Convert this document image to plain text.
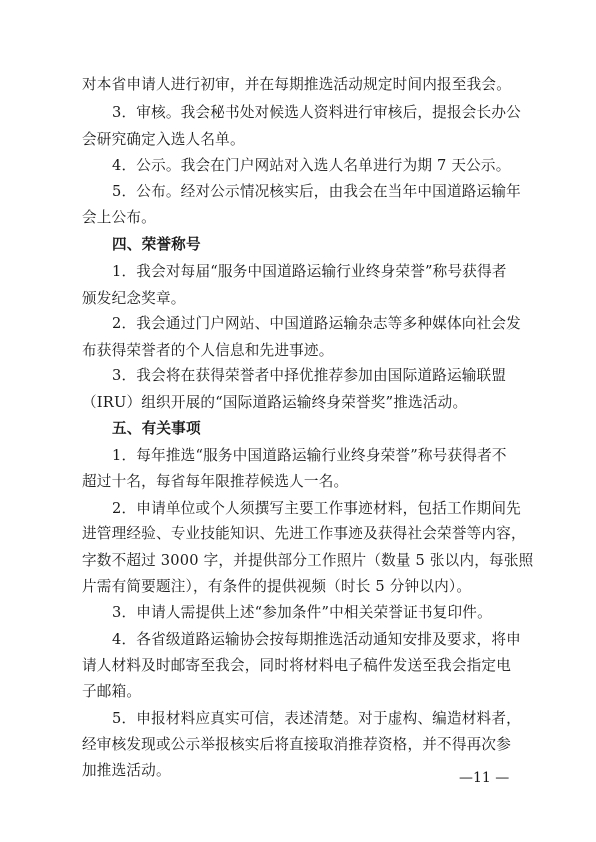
对本省申请人进行初审，并在每期推选活动规定时间内报至我会。
3．审核。我会秘书处对候选人资料进行审核后，提报会长办公
会研究确定入选人名单。
4．公示。我会在门户网站对入选人名单进行为期 7 天公示。
5．公布。经对公示情况核实后，由我会在当年中国道路运输年
会上公布。
四、荣誉称号
1．我会对每届“服务中国道路运输行业终身荣誉”称号获得者
颁发纪念奖章。
2．我会通过门户网站、中国道路运输杂志等多种媒体向社会发
布获得荣誉者的个人信息和先进事迹。
3．我会将在获得荣誉者中择优推荐参加由国际道路运输联盟
（IRU）组织开展的“国际道路运输终身荣誉奖”推选活动。
五、有关事项
1．每年推选“服务中国道路运输行业终身荣誉”称号获得者不
超过十名，每省每年限推荐候选人一名。
2．申请单位或个人须撰写主要工作事迹材料，包括工作期间先
进管理经验、专业技能知识、先进工作事迹及获得社会荣誉等内容，
字数不超过 3000 字，并提供部分工作照片（数量 5 张以内，每张照
片需有简要题注），有条件的提供视频（时长 5 分钟以内）。
3．申请人需提供上述“参加条件”中相关荣誉证书复印件。
4．各省级道路运输协会按每期推选活动通知安排及要求，将申
请人材料及时邮寄至我会，同时将材料电子稿件发送至我会指定电
子邮箱。
5．申报材料应真实可信，表述清楚。对于虚构、编造材料者，
经审核发现或公示举报核实后将直接取消推荐资格，并不得再次参
加推选活动。	—11 —
